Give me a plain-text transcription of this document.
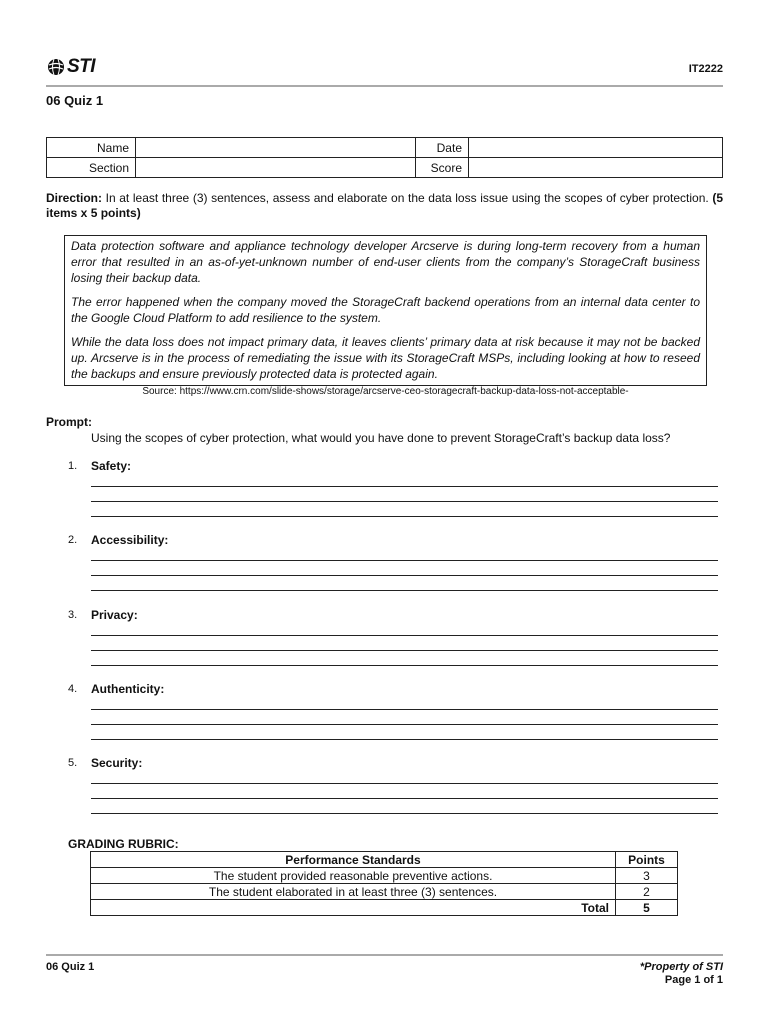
STI	IT2222
06 Quiz 1
Name		Date	
Section		Score	
Direction: In at least three (3) sentences, assess and elaborate on the data loss issue using the scopes of cyber protection. (5 items x 5 points)

Data protection software and appliance technology developer Arcserve is during long-term recovery from a human error that resulted in an as-of-yet-unknown number of end-user clients from the company’s StorageCraft business losing their backup data.

The error happened when the company moved the StorageCraft backend operations from an internal data center to the Google Cloud Platform to add resilience to the system.

While the data loss does not impact primary data, it leaves clients’ primary data at risk because it may not be backed up. Arcserve is in the process of remediating the issue with its StorageCraft MSPs, including looking at how to reseed the backups and ensure previously protected data is protected again.

Source: https://www.crn.com/slide-shows/storage/arcserve-ceo-storagecraft-backup-data-loss-not-acceptable-
Prompt:
Using the scopes of cyber protection, what would you have done to prevent StorageCraft’s backup data loss?
1. Safety:
2. Accessibility:
3. Privacy:
4. Authenticity:
5. Security:
GRADING RUBRIC:
Performance Standards	Points
The student provided reasonable preventive actions.	3
The student elaborated in at least three (3) sentences.	2
Total	5
06 Quiz 1	*Property of STI
Page 1 of 1
